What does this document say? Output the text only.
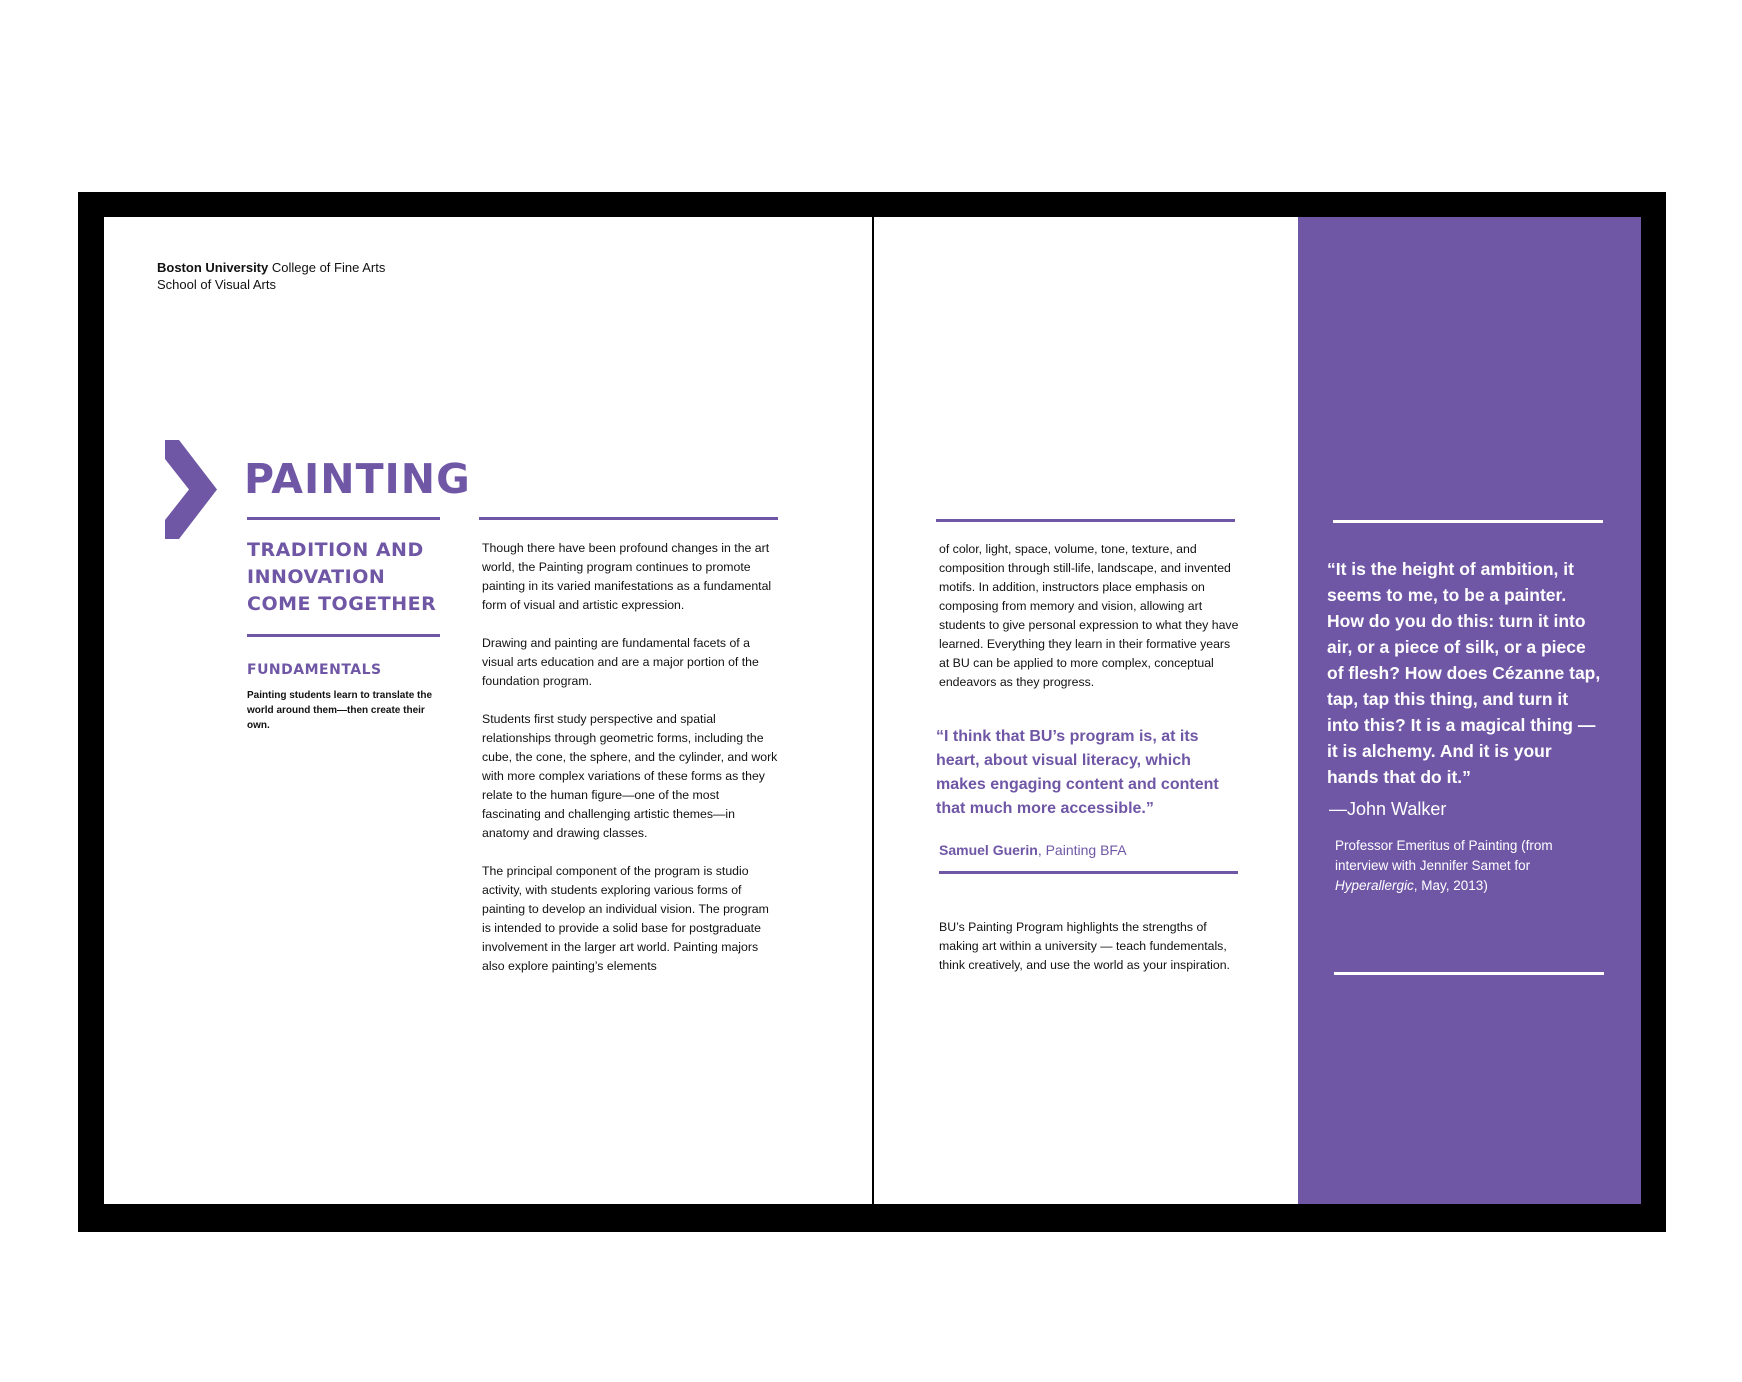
Boston University College of Fine Arts
School of Visual Arts
PAINTING
TRADITION AND
INNOVATION
COME TOGETHER
FUNDAMENTALS
Painting students learn to translate the
world around them—then create their own.

Though there have been profound changes in the art world, the Painting program continues to promote painting in its varied manifestations as a fundamental form of visual and artistic expression.

Drawing and painting are fundamental facets of a visual arts education and are a major portion of the foundation program.

Students first study perspective and spatial relationships through geometric forms, including the cube, the cone, the sphere, and the cylinder, and work with more complex variations of these forms as they relate to the human figure—one of the most fascinating and challenging artistic themes—in anatomy and drawing classes.

The principal component of the program is studio activity, with students exploring various forms of painting to develop an individual vision. The program is intended to provide a solid base for postgraduate involvement in the larger art world. Painting majors also explore painting’s elements

of color, light, space, volume, tone, texture, and composition through still-life, landscape, and invented motifs. In addition, instructors place emphasis on composing from memory and vision, allowing art students to give personal expression to what they have learned. Everything they learn in their formative years at BU can be applied to more complex, conceptual endeavors as they progress.

“I think that BU’s program is, at its heart, about visual literacy, which makes engaging content and content that much more accessible.”
Samuel Guerin, Painting BFA
BU’s Painting Program highlights the strengths of making art within a university — teach fundementals, think creatively, and use the world as your inspiration.
“It is the height of ambition, it seems to me, to be a painter. How do you do this: turn it into air, or a piece of silk, or a piece of flesh? How does Cézanne tap, tap, tap this thing, and turn it into this? It is a magical thing — it is alchemy. And it is your hands that do it.”
—John Walker
Professor Emeritus of Painting (from interview with Jennifer Samet for Hyperallergic, May, 2013)
